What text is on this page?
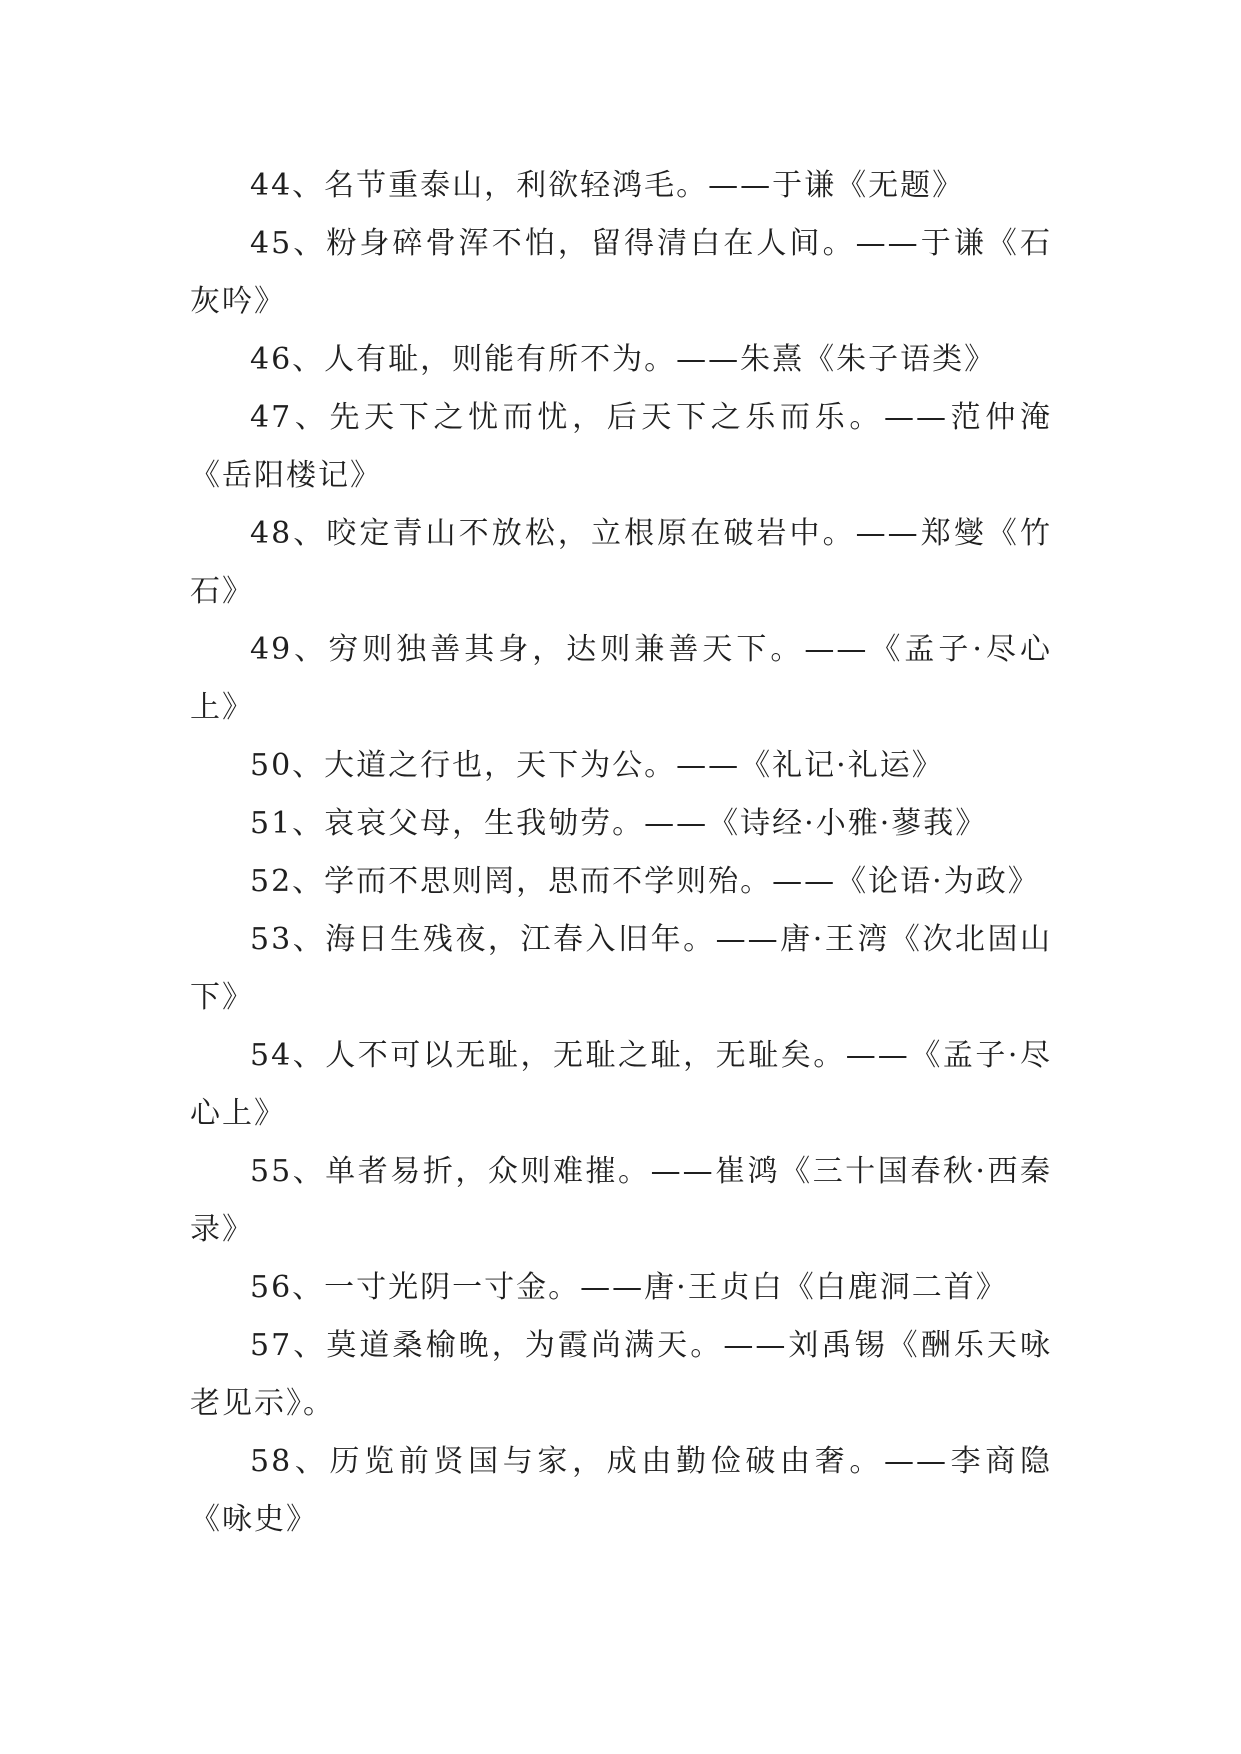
44、名节重泰山，利欲轻鸿毛。——于谦《无题》

45、粉身碎骨浑不怕，留得清白在人间。——于谦《石灰吟》

46、人有耻，则能有所不为。——朱熹《朱子语类》

47、先天下之忧而忧，后天下之乐而乐。——范仲淹《岳阳楼记》

48、咬定青山不放松，立根原在破岩中。——郑燮《竹石》

49、穷则独善其身，达则兼善天下。——《孟子·尽心上》

50、大道之行也，天下为公。——《礼记·礼运》

51、哀哀父母，生我劬劳。——《诗经·小雅·蓼莪》

52、学而不思则罔，思而不学则殆。——《论语·为政》

53、海日生残夜，江春入旧年。——唐·王湾《次北固山下》

54、人不可以无耻，无耻之耻，无耻矣。——《孟子·尽心上》

55、单者易折，众则难摧。——崔鸿《三十国春秋·西秦录》

56、一寸光阴一寸金。——唐·王贞白《白鹿洞二首》

57、莫道桑榆晚，为霞尚满天。——刘禹锡《酬乐天咏老见示》。

58、历览前贤国与家，成由勤俭破由奢。——李商隐《咏史》
